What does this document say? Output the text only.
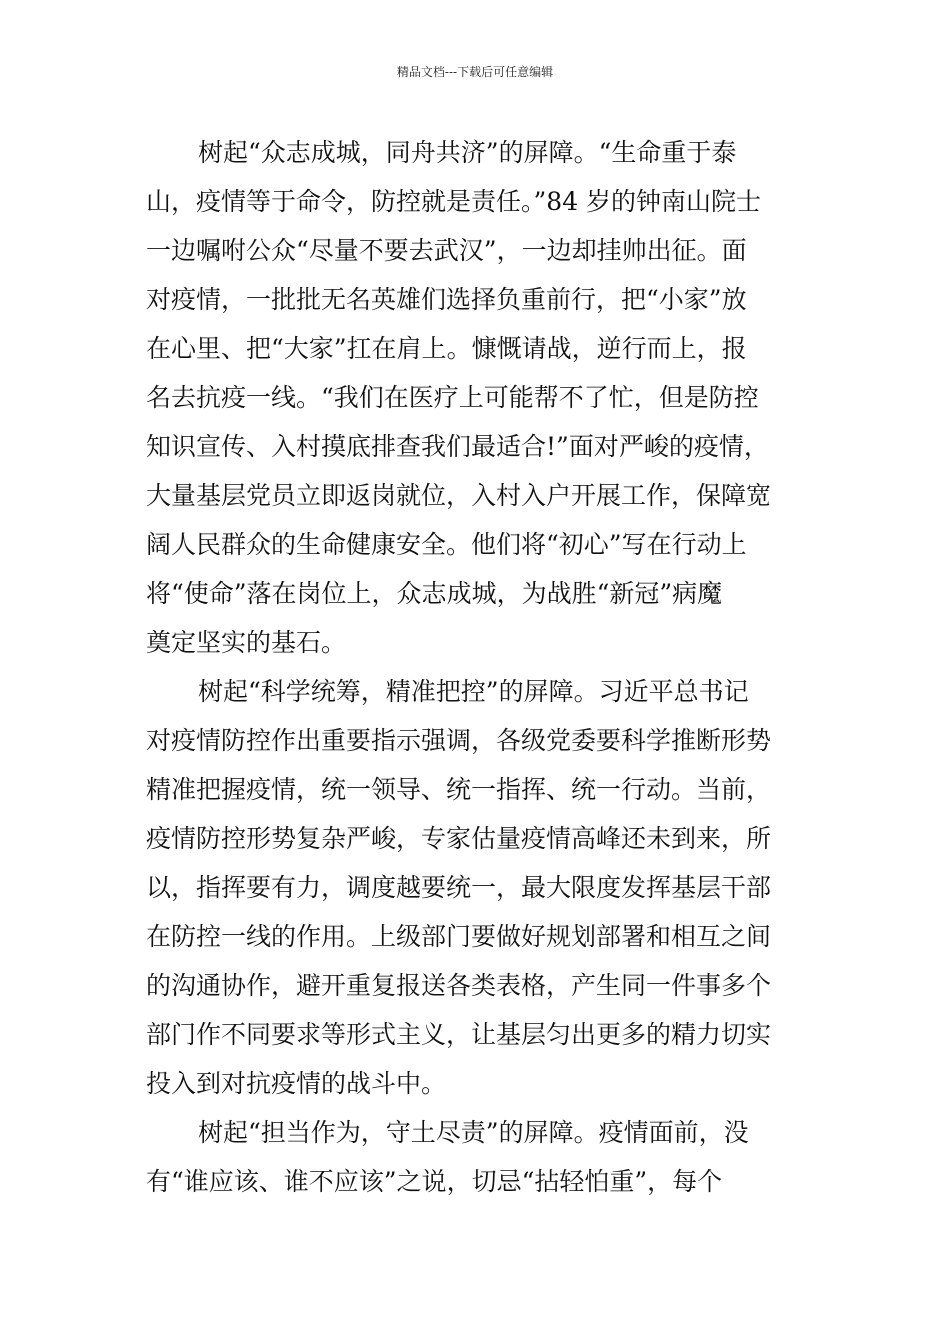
精品文档---下载后可任意编辑
树起“众志成城，同舟共济”的屏障。“生命重于泰
山，疫情等于命令，防控就是责任。”84 岁的钟南山院士
一边嘱咐公众“尽量不要去武汉”，一边却挂帅出征。面
对疫情，一批批无名英雄们选择负重前行，把“小家”放
在心里、把“大家”扛在肩上。慷慨请战，逆行而上，报
名去抗疫一线。“我们在医疗上可能帮不了忙，但是防控
知识宣传、入村摸底排查我们最适合!”面对严峻的疫情，
大量基层党员立即返岗就位，入村入户开展工作，保障宽
阔人民群众的生命健康安全。他们将“初心”写在行动上
将“使命”落在岗位上，众志成城，为战胜“新冠”病魔
奠定坚实的基石。
树起“科学统筹，精准把控”的屏障。习近平总书记
对疫情防控作出重要指示强调，各级党委要科学推断形势
精准把握疫情，统一领导、统一指挥、统一行动。当前，
疫情防控形势复杂严峻，专家估量疫情高峰还未到来，所
以，指挥要有力，调度越要统一，最大限度发挥基层干部
在防控一线的作用。上级部门要做好规划部署和相互之间
的沟通协作，避开重复报送各类表格，产生同一件事多个
部门作不同要求等形式主义，让基层匀出更多的精力切实
投入到对抗疫情的战斗中。
树起“担当作为，守土尽责”的屏障。疫情面前，没
有“谁应该、谁不应该”之说，切忌“拈轻怕重”，每个
